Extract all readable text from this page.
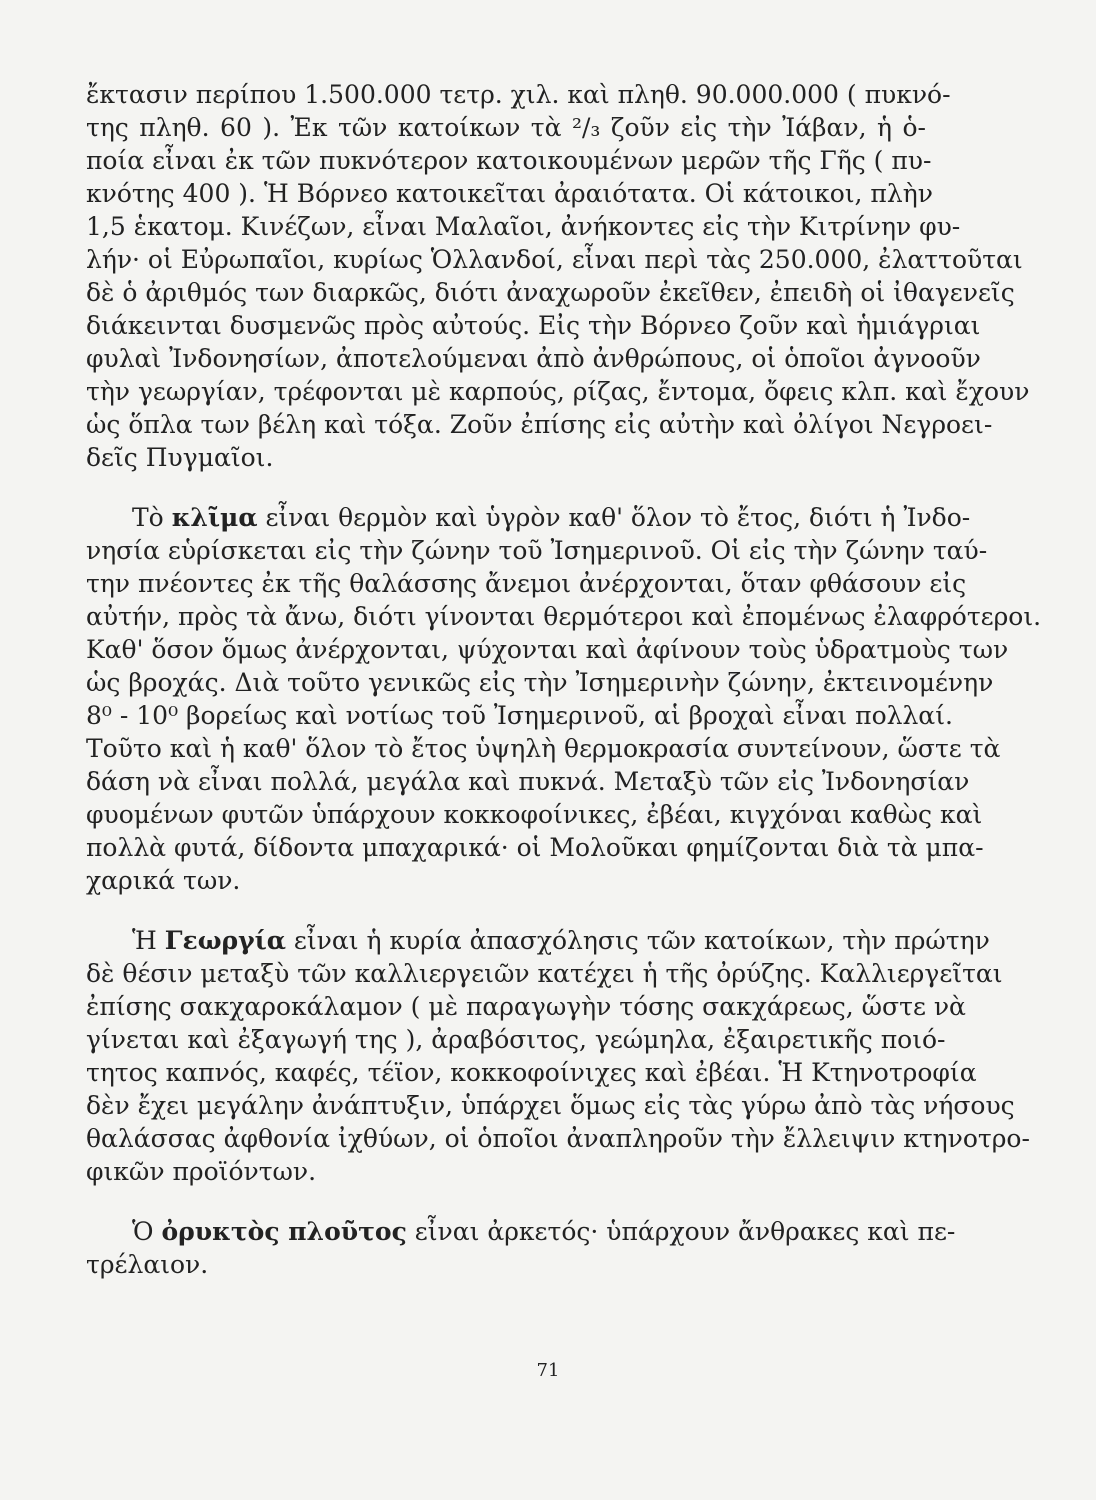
ἔκτασιν περίπου 1.500.000 τετρ. χιλ. καὶ πληθ. 90.000.000 ( πυκνό-
της πληθ. 60 ). Ἐκ τῶν κατοίκων τὰ ²/₃ ζοῦν εἰς τὴν Ἰάβαν, ἡ ὁ-
ποία εἶναι ἐκ τῶν πυκνότερον κατοικουμένων μερῶν τῆς Γῆς ( πυ-
κνότης 400 ). Ἡ Βόρνεο κατοικεῖται ἀραιότατα. Οἱ κάτοικοι, πλὴν
1,5 ἑκατομ. Κινέζων, εἶναι Μαλαῖοι, ἀνήκοντες εἰς τὴν Κιτρίνην φυ-
λήν· οἱ Εὐρωπαῖοι, κυρίως Ὁλλανδοί, εἶναι περὶ τὰς 250.000, ἐλαττοῦται
δὲ ὁ ἀριθμός των διαρκῶς, διότι ἀναχωροῦν ἐκεῖθεν, ἐπειδὴ οἱ ἰθαγενεῖς
διάκεινται δυσμενῶς πρὸς αὐτούς. Εἰς τὴν Βόρνεο ζοῦν καὶ ἡμιάγριαι
φυλαὶ Ἰνδονησίων, ἀποτελούμεναι ἀπὸ ἀνθρώπους, οἱ ὁποῖοι ἀγνοοῦν
τὴν γεωργίαν, τρέφονται μὲ καρπούς, ρίζας, ἔντομα, ὄφεις κλπ. καὶ ἔχουν
ὡς ὅπλα των βέλη καὶ τόξα. Ζοῦν ἐπίσης εἰς αὐτὴν καὶ ὀλίγοι Νεγροει-
δεῖς Πυγμαῖοι.
Τὸ κλῖμα εἶναι θερμὸν καὶ ὑγρὸν καθ' ὅλον τὸ ἔτος, διότι ἡ Ἰνδο-
νησία εὑρίσκεται εἰς τὴν ζώνην τοῦ Ἰσημερινοῦ. Οἱ εἰς τὴν ζώνην ταύ-
την πνέοντες ἐκ τῆς θαλάσσης ἄνεμοι ἀνέρχονται, ὅταν φθάσουν εἰς
αὐτήν, πρὸς τὰ ἄνω, διότι γίνονται θερμότεροι καὶ ἐπομένως ἐλαφρότεροι.
Καθ' ὅσον ὅμως ἀνέρχονται, ψύχονται καὶ ἀφίνουν τοὺς ὑδρατμοὺς των
ὡς βροχάς. Διὰ τοῦτο γενικῶς εἰς τὴν Ἰσημερινὴν ζώνην, ἐκτεινομένην
8⁰ - 10⁰ βορείως καὶ νοτίως τοῦ Ἰσημερινοῦ, αἱ βροχαὶ εἶναι πολλαί.
Τοῦτο καὶ ἡ καθ' ὅλον τὸ ἔτος ὑψηλὴ θερμοκρασία συντείνουν, ὥστε τὰ
δάση νὰ εἶναι πολλά, μεγάλα καὶ πυκνά. Μεταξὺ τῶν εἰς Ἰνδονησίαν
φυομένων φυτῶν ὑπάρχουν κοκκοφοίνικες, ἐβέαι, κιγχόναι καθὼς καὶ
πολλὰ φυτά, δίδοντα μπαχαρικά· οἱ Μολοῦκαι φημίζονται διὰ τὰ μπα-
χαρικά των.
Ἡ Γεωργία εἶναι ἡ κυρία ἀπασχόλησις τῶν κατοίκων, τὴν πρώτην
δὲ θέσιν μεταξὺ τῶν καλλιεργειῶν κατέχει ἡ τῆς ὀρύζης. Καλλιεργεῖται
ἐπίσης σακχαροκάλαμον ( μὲ παραγωγὴν τόσης σακχάρεως, ὥστε νὰ
γίνεται καὶ ἐξαγωγή της ), ἀραβόσιτος, γεώμηλα, ἐξαιρετικῆς ποιό-
τητος καπνός, καφές, τέϊον, κοκκοφοίνιχες καὶ ἐβέαι. Ἡ Κτηνοτροφία
δὲν ἔχει μεγάλην ἀνάπτυξιν, ὑπάρχει ὅμως εἰς τὰς γύρω ἀπὸ τὰς νήσους
θαλάσσας ἀφθονία ἰχθύων, οἱ ὁποῖοι ἀναπληροῦν τὴν ἔλλειψιν κτηνοτρο-
φικῶν προϊόντων.
Ὁ ὀρυκτὸς πλοῦτος εἶναι ἀρκετός· ὑπάρχουν ἄνθρακες καὶ πε-
τρέλαιον.
71
